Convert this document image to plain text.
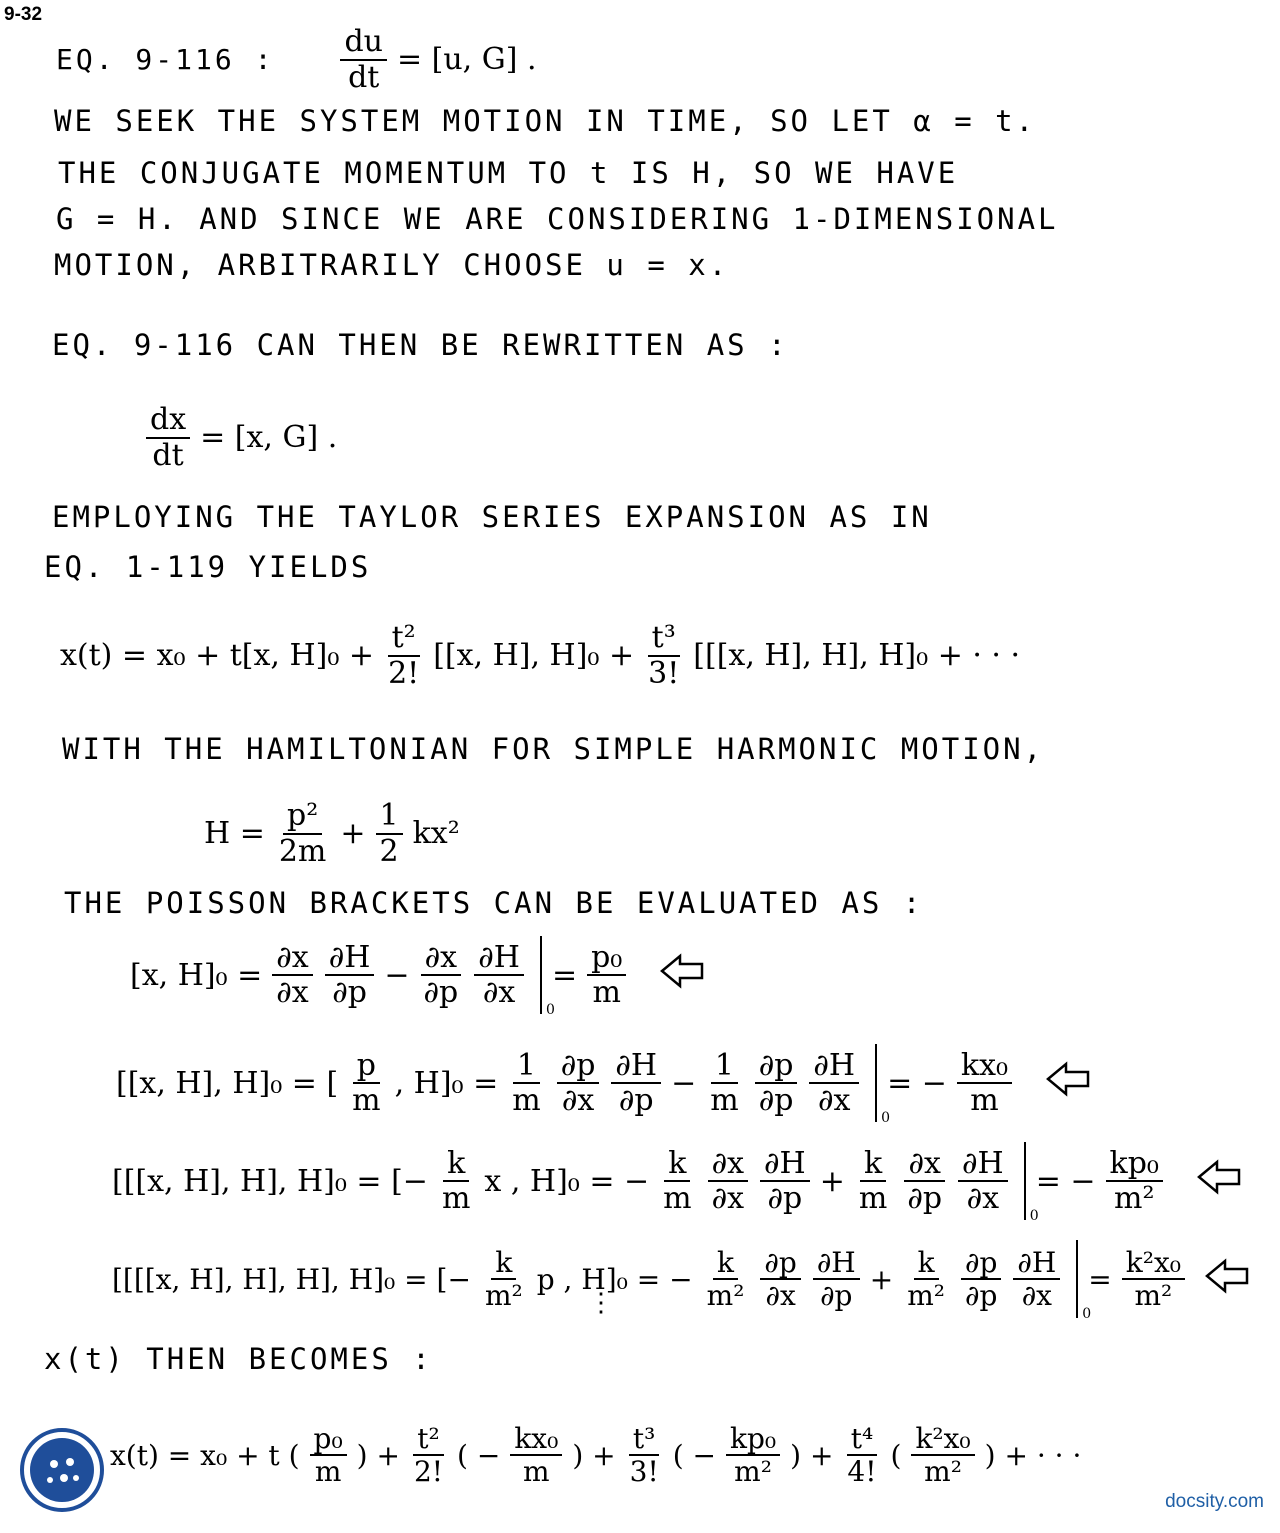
9-32
EQ. 9-116 : $\frac{du}{dt} = [u$, G] .
WE SEEK THE SYSTEM MOTION IN TIME, SO LET α = t.
THE CONJUGATE MOMENTUM TO t IS H, SO WE HAVE
G = H. AND SINCE WE ARE CONSIDERING 1-DIMENSIONAL
MOTION, ARBITRARILY CHOOSE u = x.
EQ. 9-116 CAN THEN BE REWRITTEN AS :
$\frac{dx}{dt} = [x$, G] .
EMPLOYING THE TAYLOR SERIES EXPANSION AS IN
EQ. 1-119 YIELDS
x(t) = x₀ + t[x, $H]_0 + \frac{\text{t²}}{2!} [[x$, H], $H]_0 + \frac{\text{t³}}{3!} [[[x$, H], H], H]₀ + · · ·
WITH THE HAMILTONIAN FOR SIMPLE HARMONIC MOTION,
$H = \frac{\text{p²}}{2m} + \frac{1}{2} kx^2$
THE POISSON BRACKETS CAN BE EVALUATED AS :
[x, $H]_0 = \frac{\partial x}{\partial x} \frac{\partial H}{\partial p} - \frac{\partial x}{\partial p} \frac{\partial H}{\partial x}$
$0 = \frac{\text{p₀}}{m}$
[[x, H], H]₀ = [ $\frac{p}{m}$ , $H]_0 = \frac{1}{m} \frac{\partial p}{\partial x} \frac{\partial H}{\partial p} - \frac{1}{m} \frac{\partial p}{\partial p} \frac{\partial H}{\partial x}$
0 = − $\frac{\text{kx₀}}{m}$
[[[x, H], H], H]₀ = [− $\frac{k}{m}$ x , H]₀ = − $\frac{k}{m} \frac{\partial x}{\partial x} \frac{\partial H}{\partial p} + \frac{k}{m} \frac{\partial x}{\partial p} \frac{\partial H}{\partial x}$
0 = − $\frac{\text{kp₀}}{\text{m²}}$
[[[[x, H], H], H], H]₀ = [− $\frac{k}{\text{m²}}$ p , H]₀ = − $\frac{k}{\text{m²}} \frac{\partial p}{\partial x} \frac{\partial H}{\partial p} + \frac{k}{\text{m²}} \frac{\partial p}{\partial p} \frac{\partial H}{\partial x}$
$0 = \frac{\text{k²x₀}}{\text{m²}}$
⋮
x(t) THEN BECOMES :
x(t) = x₀ + t ( $\frac{\text{p₀}}{m}$ ) + $\frac{\text{t²}}{2!}$ ( − $\frac{\text{kx₀}}{m}$ ) + $\frac{\text{t³}}{3!}$ ( − $\frac{\text{kp₀}}{\text{m²}}$ ) + $\frac{\text{t⁴}}{4!}$ ( $\frac{\text{k²x₀}}{\text{m²}}$ ) + · · ·
docsity.com
